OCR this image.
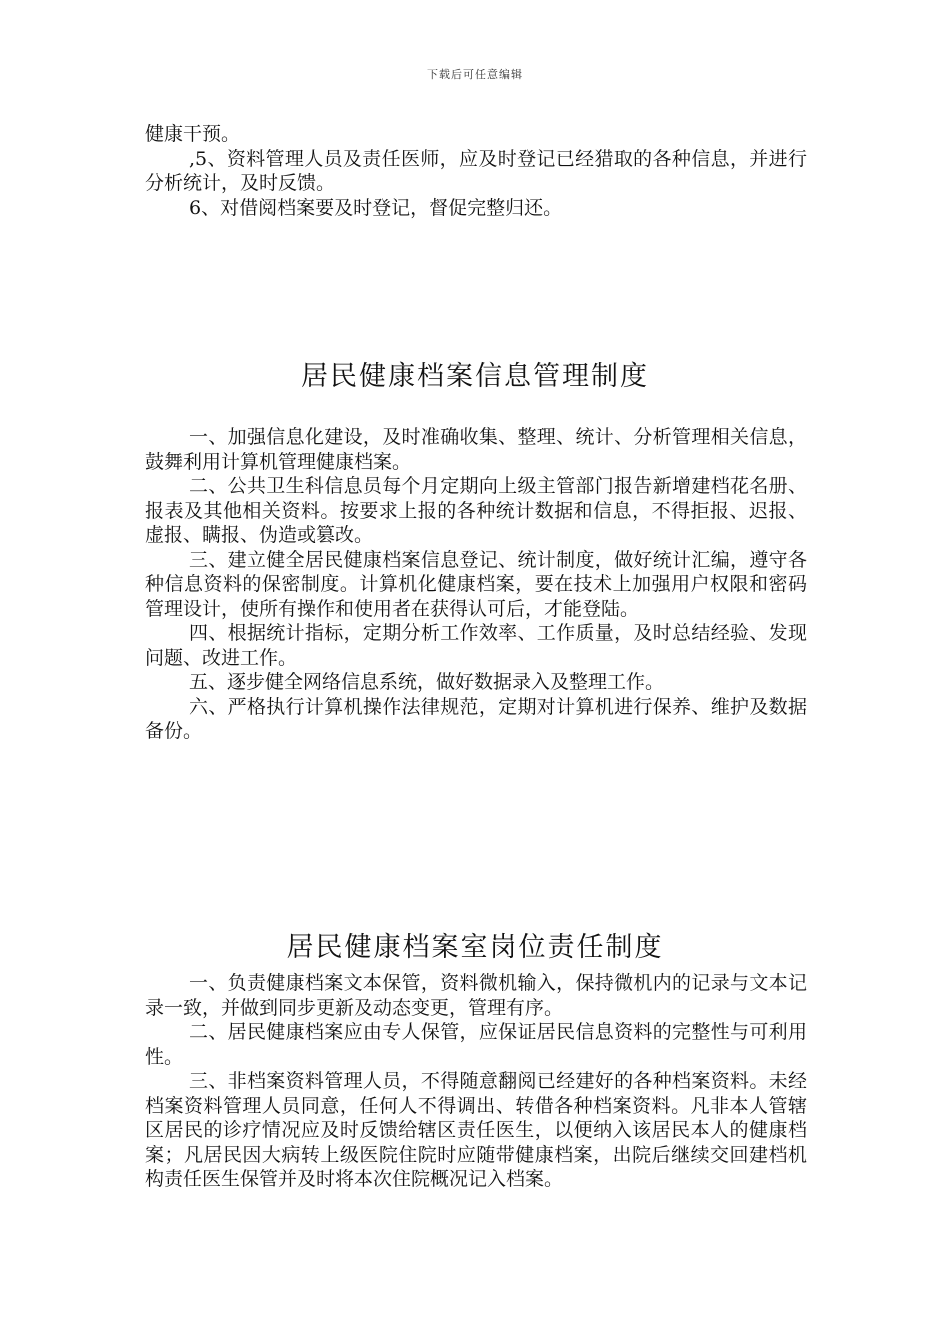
下载后可任意编辑

健康干预。

,5、资料管理人员及责任医师，应及时登记已经猎取的各种信息，并进行分析统计，及时反馈。

6、对借阅档案要及时登记，督促完整归还。

居民健康档案信息管理制度

一、加强信息化建设，及时准确收集、整理、统计、分析管理相关信息，鼓舞利用计算机管理健康档案。

二、公共卫生科信息员每个月定期向上级主管部门报告新增建档花名册、报表及其他相关资料。按要求上报的各种统计数据和信息，不得拒报、迟报、虚报、瞒报、伪造或篡改。

三、建立健全居民健康档案信息登记、统计制度，做好统计汇编，遵守各种信息资料的保密制度。计算机化健康档案，要在技术上加强用户权限和密码管理设计，使所有操作和使用者在获得认可后，才能登陆。

四、根据统计指标，定期分析工作效率、工作质量，及时总结经验、发现问题、改进工作。

五、逐步健全网络信息系统，做好数据录入及整理工作。

六、严格执行计算机操作法律规范，定期对计算机进行保养、维护及数据备份。

居民健康档案室岗位责任制度

一、负责健康档案文本保管，资料微机输入，保持微机内的记录与文本记录一致，并做到同步更新及动态变更，管理有序。

二、居民健康档案应由专人保管，应保证居民信息资料的完整性与可利用性。

三、非档案资料管理人员，不得随意翻阅已经建好的各种档案资料。未经档案资料管理人员同意，任何人不得调出、转借各种档案资料。凡非本人管辖区居民的诊疗情况应及时反馈给辖区责任医生，以便纳入该居民本人的健康档案；凡居民因大病转上级医院住院时应随带健康档案，出院后继续交回建档机构责任医生保管并及时将本次住院概况记入档案。
